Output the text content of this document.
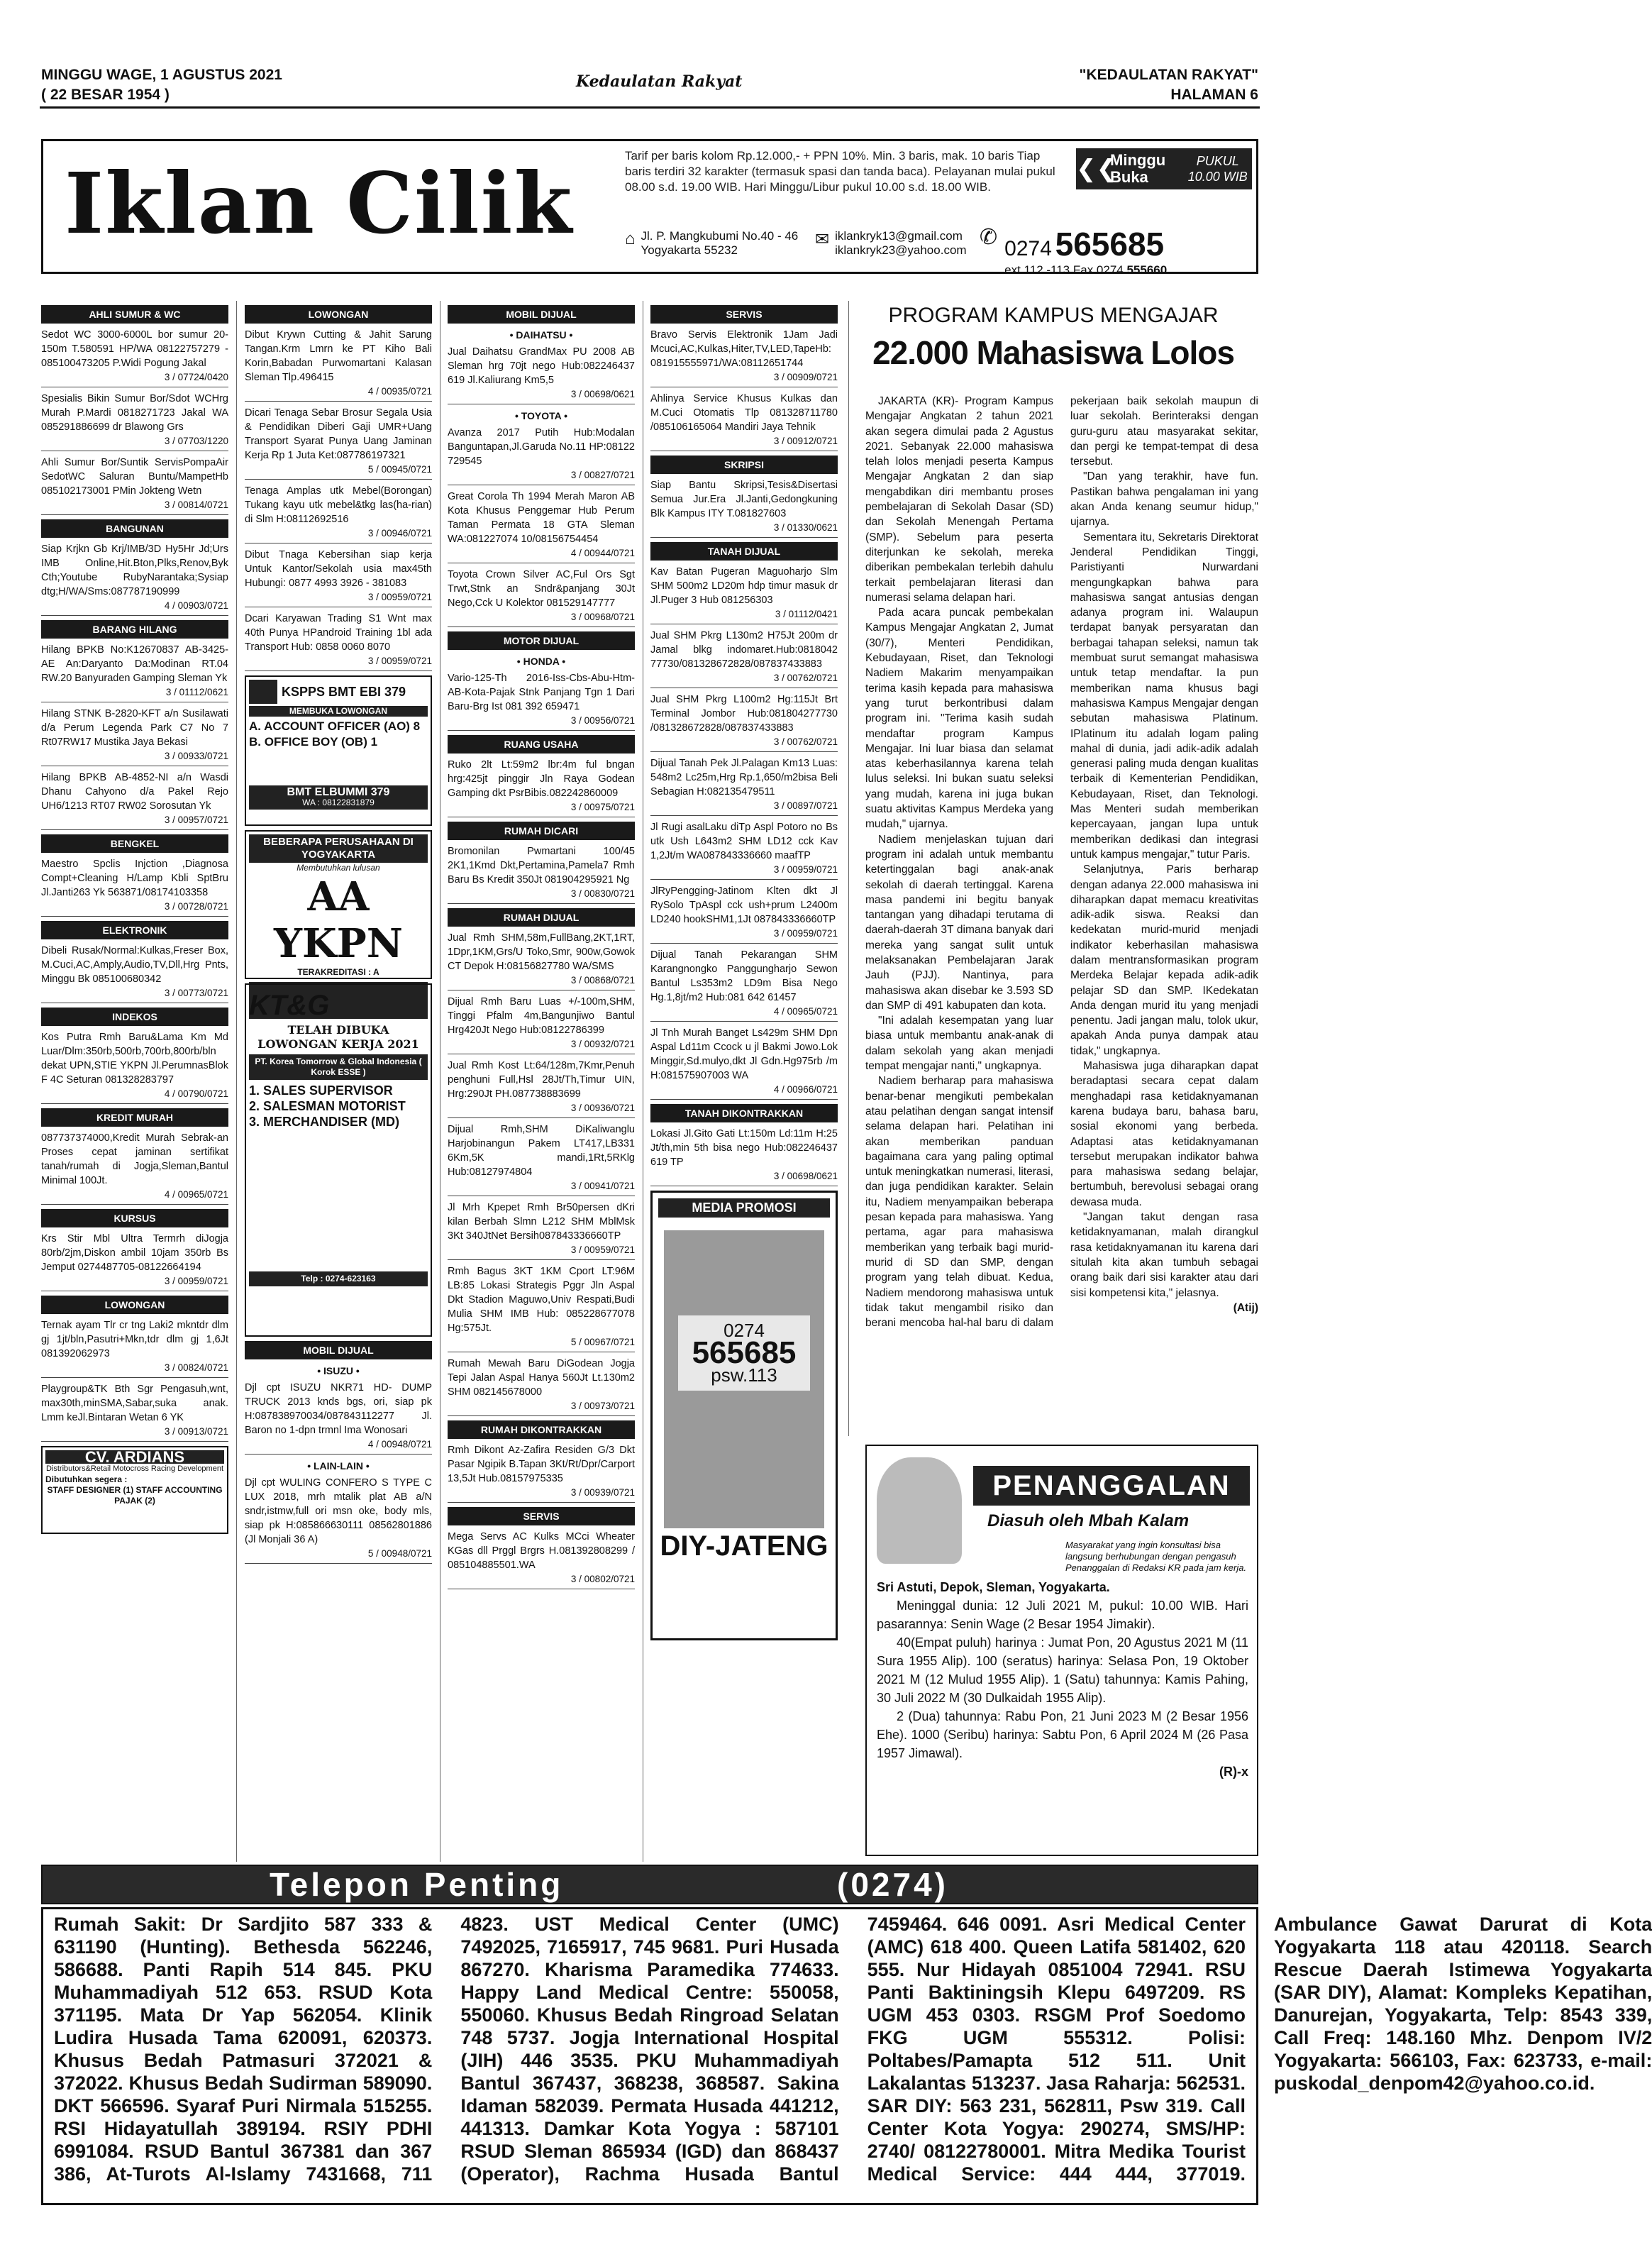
MINGGU WAGE, 1 AGUSTUS 2021
( 22 BESAR 1954 )
Kedaulatan Rakyat	"KEDAULATAN RAKYAT"
HALAMAN 6
Iklan Cilik	Tarif per baris kolom Rp.12.000,- + PPN 10%. Min. 3 baris, mak. 10 baris Tiap baris terdiri 32 karakter (termasuk spasi dan tanda baca). Pelayanan mulai pukul 08.00 s.d. 19.00 WIB. Hari Minggu/Libur pukul 10.00 s.d. 18.00 WIB.
❮❮
Minggu Buka
PUKUL 10.00 WIB
⌂ Jl. P. Mangkubumi No.40 - 46 Yogyakarta 55232
✉ iklankryk13@gmail.com
iklankryk23@yahoo.com
✆ 0274 565685
ext.112 -113 Fax.0274 555660
AHLI SUMUR & WC
Sedot WC 3000-6000L bor sumur 20-150m T.580591 HP/WA 08122757279 - 085100473205 P.Widi Pogung Jakal
3 / 07724/0420
Spesialis Bikin Sumur Bor/Sdot WCHrg Murah P.Mardi 0818271723 Jakal WA 085291886699 dr Blawong Grs
3 / 07703/1220
Ahli Sumur Bor/Suntik ServisPompaAir SedotWC Saluran Buntu/MampetHb 085102173001 PMin Jokteng Wetn
3 / 00814/0721
BANGUNAN
Siap Krjkn Gb Krj/IMB/3D Hy5Hr Jd;Urs IMB Online,Hit.Bton,Plks,Renov,Byk Cth;Youtube RubyNarantaka;Sysiap dtg;H/WA/Sms:087787190999
4 / 00903/0721
BARANG HILANG
Hilang BPKB No:K12670837 AB-3425-AE An:Daryanto Da:Modinan RT.04 RW.20 Banyuraden Gamping Sleman Yk
3 / 01112/0621
Hilang STNK B-2820-KFT a/n Susilawati d/a Perum Legenda Park C7 No 7 Rt07RW17 Mustika Jaya Bekasi
3 / 00933/0721
Hilang BPKB AB-4852-NI a/n Wasdi Dhanu Cahyono d/a Pakel Rejo UH6/1213 RT07 RW02 Sorosutan Yk
3 / 00957/0721
BENGKEL
Maestro Spclis Injction ,Diagnosa Compt+Cleaning H/Lamp Kbli SptBru Jl.Janti263 Yk 563871/08174103358
3 / 00728/0721
ELEKTRONIK
Dibeli Rusak/Normal:Kulkas,Freser Box, M.Cuci,AC,Amply,Audio,TV,Dll,Hrg Pnts, Minggu Bk 085100680342
3 / 00773/0721
INDEKOS
Kos Putra Rmh Baru&Lama Km Md Luar/Dlm:350rb,500rb,700rb,800rb/bln dekat UPN,STIE YKPN Jl.PerumnasBlok F 4C Seturan 081328283797
4 / 00790/0721
KREDIT MURAH
087737374000,Kredit Murah Sebrak-an Proses cepat jaminan sertifikat tanah/rumah di Jogja,Sleman,Bantul Minimal 100Jt.
4 / 00965/0721
KURSUS
Krs Stir Mbl Ultra Termrh diJogja 80rb/2jm,Diskon ambil 10jam 350rb Bs Jemput 0274487705-08122664194
3 / 00959/0721
LOWONGAN
Ternak ayam Tlr cr tng Laki2 mkntdr dlm gj 1jt/bln,Pasutri+Mkn,tdr dlm gj 1,6Jt 081392062973
3 / 00824/0721
Playgroup&TK Bth Sgr Pengasuh,wnt, max30th,minSMA,Sabar,suka anak. Lmm keJl.Bintaran Wetan 6 YK
3 / 00913/0721
CV. ARDIANS
Distributors&Retail Motocross Racing Development
Dibutuhkan segera :
STAFF DESIGNER (1) STAFF ACCOUNTING PAJAK (2)
LOWONGAN
Dibut Krywn Cutting & Jahit Sarung Tangan.Krm Lmrn ke PT Kiho Bali Korin,Babadan Purwomartani Kalasan Sleman Tlp.496415
4 / 00935/0721
Dicari Tenaga Sebar Brosur Segala Usia & Pendidikan Diberi Gaji UMR+Uang Transport Syarat Punya Uang Jaminan Kerja Rp 1 Juta Ket:087786197321
5 / 00945/0721
Tenaga Amplas utk Mebel(Borongan) Tukang kayu utk mebel&tkg las(ha-rian) di Slm H:08112692516
3 / 00946/0721
Dibut Tnaga Kebersihan siap kerja Untuk Kantor/Sekolah usia max45th Hubungi: 0877 4993 3926 - 381083
3 / 00959/0721
Dcari Karyawan Trading S1 Wnt max 40th Punya HPandroid Training 1bl ada Transport Hub: 0858 0060 8070
3 / 00959/0721
KSPPS BMT EBI 379
MEMBUKA LOWONGAN
A. ACCOUNT OFFICER (AO) 8 B. OFFICE BOY (OB) 1
BMT ELBUMMI 379
WA : 08122831879
BEBERAPA PERUSAHAAN DI YOGYAKARTA
Membutuhkan lulusan
AA YKPN
TERAKREDITASI : A
KT&G
TELAH DIBUKA LOWONGAN KERJA 2021
PT. Korea Tomorrow & Global Indonesia ( Korok ESSE )
1. SALES SUPERVISOR
2. SALESMAN MOTORIST
3. MERCHANDISER (MD)
Telp : 0274-623163
MOBIL DIJUAL
• ISUZU •
Djl cpt ISUZU NKR71 HD- DUMP TRUCK 2013 knds bgs, ori, siap pk H:087838970034/087843112277 Jl. Baron no 1-dpn trmnl Ima Wonosari
4 / 00948/0721
• LAIN-LAIN •
Djl cpt WULING CONFERO S TYPE C LUX 2018, mrh mtalik plat AB a/N sndr,istmw,full ori msn oke, body mls, siap pk H:085866630111 08562801886 (Jl Monjali 36 A)
5 / 00948/0721
MOBIL DIJUAL
• DAIHATSU •
Jual Daihatsu GrandMax PU 2008 AB Sleman hrg 70jt nego Hub:082246437 619 Jl.Kaliurang Km5,5
3 / 00698/0621
• TOYOTA •
Avanza 2017 Putih Hub:Modalan Banguntapan,Jl.Garuda No.11 HP:08122 729545
3 / 00827/0721
Great Corola Th 1994 Merah Maron AB Kota Khusus Penggemar Hub Perum Taman Permata 18 GTA Sleman WA:081227074 10/08156754454
4 / 00944/0721
Toyota Crown Silver AC,Ful Ors Sgt Trwt,Stnk an Sndr&panjang 30Jt Nego,Cck U Kolektor 081529147777
3 / 00968/0721
MOTOR DIJUAL
• HONDA •
Vario-125-Th 2016-Iss-Cbs-Abu-Htm-AB-Kota-Pajak Stnk Panjang Tgn 1 Dari Baru-Brg Ist 081 392 659471
3 / 00956/0721
RUANG USAHA
Ruko 2lt Lt:59m2 lbr:4m ful bngan hrg:425jt pinggir Jln Raya Godean Gamping dkt PsrBibis.082242860009
3 / 00975/0721
RUMAH DICARI
Bromonilan Pwmartani 100/45 2K1,1Kmd Dkt,Pertamina,Pamela7 Rmh Baru Bs Kredit 350Jt 081904295921 Ng
3 / 00830/0721
RUMAH DIJUAL
Jual Rmh SHM,58m,FullBang,2KT,1RT, 1Dpr,1KM,Grs/U Toko,Smr, 900w,Gowok CT Depok H:08156827780 WA/SMS
3 / 00868/0721
Dijual Rmh Baru Luas +/-100m,SHM, Tinggi Pfalm 4m,Bangunjiwo Bantul Hrg420Jt Nego Hub:08122786399
3 / 00932/0721
Jual Rmh Kost Lt:64/128m,7Kmr,Penuh penghuni Full,Hsl 28Jt/Th,Timur UIN, Hrg:290Jt PH.087738883699
3 / 00936/0721
Dijual Rmh,SHM DiKaliwanglu Harjobinangun Pakem LT417,LB331 6Km,5K mandi,1Rt,5RKlg Hub:08127974804
3 / 00941/0721
Jl Mrh Kpepet Rmh Br50persen dKri kilan Berbah Slmn L212 SHM MblMsk 3Kt 340JtNet Bersih087843336660TP
3 / 00959/0721
Rmh Bagus 3KT 1KM Cport LT:96M LB:85 Lokasi Strategis Pggr Jln Aspal Dkt Stadion Maguwo,Univ Respati,Budi Mulia SHM IMB Hub: 085228677078 Hg:575Jt.
5 / 00967/0721
Rumah Mewah Baru DiGodean Jogja Tepi Jalan Aspal Hanya 560Jt Lt.130m2 SHM 082145678000
3 / 00973/0721
RUMAH DIKONTRAKKAN
Rmh Dikont Az-Zafira Residen G/3 Dkt Pasar Ngipik B.Tapan 3Kt/Rt/Dpr/Carport 13,5Jt Hub.08157975335
3 / 00939/0721
SERVIS
Mega Servs AC Kulks MCci Wheater KGas dll Prggl Brgrs H.081392808299 / 085104885501.WA
3 / 00802/0721
SERVIS
Bravo Servis Elektronik 1Jam Jadi Mcuci,AC,Kulkas,Hiter,TV,LED,TapeHb: 081915555971/WA:08112651744
3 / 00909/0721
Ahlinya Service Khusus Kulkas dan M.Cuci Otomatis Tlp 081328711780 /085106165064 Mandiri Jaya Tehnik
3 / 00912/0721
SKRIPSI
Siap Bantu Skripsi,Tesis&Disertasi Semua Jur.Era Jl.Janti,Gedongkuning Blk Kampus ITY T.081827603
3 / 01330/0621
TANAH DIJUAL
Kav Batan Pugeran Maguoharjo Slm SHM 500m2 LD20m hdp timur masuk dr Jl.Puger 3 Hub 081256303
3 / 01112/0421
Jual SHM Pkrg L130m2 H75Jt 200m dr Jamal blkg indomaret.Hub:0818042 77730/081328672828/087837433883
3 / 00762/0721
Jual SHM Pkrg L100m2 Hg:115Jt Brt Terminal Jombor Hub:081804277730 /081328672828/087837433883
3 / 00762/0721
Dijual Tanah Pek Jl.Palagan Km13 Luas: 548m2 Lc25m,Hrg Rp.1,650/m2bisa Beli Sebagian H:082135479511
3 / 00897/0721
Jl Rugi asalLaku diTp Aspl Potoro no Bs utk Ush L643m2 SHM LD12 cck Kav 1,2Jt/m WA087843336660 maafTP
3 / 00959/0721
JlRyPengging-Jatinom Klten dkt Jl RySolo TpAspl cck ush+prum L2400m LD240 hookSHM1,1Jt 087843336660TP
3 / 00959/0721
Dijual Tanah Pekarangan SHM Karangnongko Panggungharjo Sewon Bantul Ls353m2 LD9m Bisa Nego Hg.1,8jt/m2 Hub:081 642 61457
4 / 00965/0721
Jl Tnh Murah Banget Ls429m SHM Dpn Aspal Ld11m Ccock u jl Bakmi Jowo.Lok Minggir,Sd.mulyo,dkt Jl Gdn.Hg975rb /m H:081575907003 WA
4 / 00966/0721
TANAH DIKONTRAKKAN
Lokasi Jl.Gito Gati Lt:150m Ld:11m H:25 Jt/th,min 5th bisa nego Hub:082246437 619 TP
3 / 00698/0621
MEDIA PROMOSI
0274
565685
psw.113
DIY-JATENG
PROGRAM KAMPUS MENGAJAR
22.000 Mahasiswa Lolos

JAKARTA (KR)- Program Kampus Mengajar Angkatan 2 tahun 2021 akan segera dimulai pada 2 Agustus 2021. Sebanyak 22.000 mahasiswa telah lolos menjadi peserta Kampus Mengajar Angkatan 2 dan siap mengabdikan diri membantu proses pembelajaran di Sekolah Dasar (SD) dan Sekolah Menengah Pertama (SMP). Sebelum para peserta diterjunkan ke sekolah, mereka diberikan pembekalan terlebih dahulu terkait pembelajaran literasi dan numerasi selama delapan hari.

Pada acara puncak pembekalan Kampus Mengajar Angkatan 2, Jumat (30/7), Menteri Pendidikan, Kebudayaan, Riset, dan Teknologi Nadiem Makarim menyampaikan terima kasih kepada para mahasiswa yang turut berkontribusi dalam program ini. "Terima kasih sudah mendaftar program Kampus Mengajar. Ini luar biasa dan selamat atas keberhasilannya karena telah lulus seleksi. Ini bukan suatu seleksi yang mudah, karena ini juga bukan suatu aktivitas Kampus Merdeka yang mudah," ujarnya.

Nadiem menjelaskan tujuan dari program ini adalah untuk membantu ketertinggalan bagi anak-anak sekolah di daerah tertinggal. Karena masa pandemi ini begitu banyak tantangan yang dihadapi terutama di daerah-daerah 3T dimana banyak dari mereka yang sangat sulit untuk melaksanakan Pembelajaran Jarak Jauh (PJJ). Nantinya, para mahasiswa akan disebar ke 3.593 SD dan SMP di 491 kabupaten dan kota.

"Ini adalah kesempatan yang luar biasa untuk membantu anak-anak di dalam sekolah yang akan menjadi tempat mengajar nanti," ungkapnya.

Nadiem berharap para mahasiswa benar-benar mengikuti pembekalan atau pelatihan dengan sangat intensif selama delapan hari. Pelatihan ini akan memberikan panduan bagaimana cara yang paling optimal untuk meningkatkan numerasi, literasi, dan juga pendidikan karakter. Selain itu, Nadiem menyampaikan beberapa pesan kepada para mahasiswa. Yang pertama, agar para mahasiswa memberikan yang terbaik bagi murid-murid di SD dan SMP, dengan program yang telah dibuat. Kedua, Nadiem mendorong mahasiswa untuk tidak takut mengambil risiko dan berani mencoba hal-hal baru di dalam pekerjaan baik sekolah maupun di luar sekolah. Berinteraksi dengan guru-guru atau masyarakat sekitar, dan pergi ke tempat-tempat di desa tersebut.

"Dan yang terakhir, have fun. Pastikan bahwa pengalaman ini yang akan Anda kenang seumur hidup," ujarnya.

Sementara itu, Sekretaris Direktorat Jenderal Pendidikan Tinggi, Paristiyanti Nurwardani mengungkapkan bahwa para mahasiswa sangat antusias dengan adanya program ini. Walaupun terdapat banyak persyaratan dan berbagai tahapan seleksi, namun tak membuat surut semangat mahasiswa untuk tetap mendaftar. Ia pun memberikan nama khusus bagi mahasiswa Kampus Mengajar dengan sebutan mahasiswa Platinum. IPlatinum itu adalah logam paling mahal di dunia, jadi adik-adik adalah generasi paling muda dengan kualitas terbaik di Kementerian Pendidikan, Kebudayaan, Riset, dan Teknologi. Mas Menteri sudah memberikan kepercayaan, jangan lupa untuk memberikan dedikasi dan integrasi untuk kampus mengajar," tutur Paris.

Selanjutnya, Paris berharap dengan adanya 22.000 mahasiswa ini diharapkan dapat memacu kreativitas adik-adik siswa. Reaksi dan kedekatan murid-murid menjadi indikator keberhasilan mahasiswa dalam mentransformasikan program Merdeka Belajar kepada adik-adik pelajar SD dan SMP. IKedekatan Anda dengan murid itu yang menjadi penentu. Jadi jangan malu, tolok ukur, apakah Anda punya dampak atau tidak," ungkapnya.

Mahasiswa juga diharapkan dapat beradaptasi secara cepat dalam menghadapi rasa ketidaknyamanan karena budaya baru, bahasa baru, sosial ekonomi yang berbeda. Adaptasi atas ketidaknyamanan tersebut merupakan indikator bahwa para mahasiswa sedang belajar, bertumbuh, berevolusi sebagai orang dewasa muda.

"Jangan takut dengan rasa ketidaknyamanan, malah dirangkul rasa ketidaknyamanan itu karena dari situlah kita akan tumbuh sebagai orang baik dari sisi karakter atau dari sisi kompetensi kita," jelasnya.

(Atij)
PENANGGALAN
Diasuh oleh Mbah Kalam
Masyarakat yang ingin konsultasi bisa langsung berhubungan dengan pengasuh Penanggalan di Redaksi KR pada jam kerja.
Sri Astuti, Depok, Sleman, Yogyakarta.

Meninggal dunia: 12 Juli 2021 M, pukul: 10.00 WIB. Hari pasarannya: Senin Wage (2 Besar 1954 Jimakir).

40(Empat puluh) harinya : Jumat Pon, 20 Agustus 2021 M (11 Sura 1955 Alip). 100 (seratus) harinya: Selasa Pon, 19 Oktober 2021 M (12 Mulud 1955 Alip). 1 (Satu) tahunnya: Kamis Pahing, 30 Juli 2022 M (30 Dulkaidah 1955 Alip).

2 (Dua) tahunnya: Rabu Pon, 21 Juni 2023 M (2 Besar 1956 Ehe). 1000 (Seribu) harinya: Sabtu Pon, 6 April 2024 M (26 Pasa 1957 Jimawal).

(R)-x
Telepon Penting	(0274)
Rumah Sakit: Dr Sardjito 587 333 & 631190 (Hunting). Bethesda 562246, 586688. Panti Rapih 514 845. PKU Muhammadiyah 512 653. RSUD Kota 371195. Mata Dr Yap 562054. Klinik Ludira Husada Tama 620091, 620373. Khusus Bedah Patmasuri 372021 & 372022. Khusus Bedah Sudirman 589090. DKT 566596. Syaraf Puri Nirmala 515255. RSI Hidayatullah 389194. RSIY PDHI 6991084. RSUD Bantul 367381 dan 367 386, At-Turots Al-Islamy 7431668, 711 4823. UST Medical Center (UMC) 7492025, 7165917, 745 9681. Puri Husada 867270. Kharisma Paramedika 774633. Happy Land Medical Centre: 550058, 550060. Khusus Bedah Ringroad Selatan 748 5737. Jogja International Hospital (JIH) 446 3535. PKU Muhammadiyah Bantul 367437, 368238, 368587. Sakina Idaman 582039. Permata Husada 441212, 441313. Damkar Kota Yogya : 587101 RSUD Sleman 865934 (IGD) dan 868437 (Operator), Rachma Husada Bantul 7459464. 646 0091. Asri Medical Center (AMC) 618 400. Queen Latifa 581402, 620 555. Nur Hidayah 0851004 72941. RSU Panti Baktiningsih Klepu 6497209. RS UGM 453 0303. RSGM Prof Soedomo FKG UGM 555312. Polisi: Poltabes/Pamapta 512 511. Unit Lakalantas 513237. Jasa Raharja: 562531. SAR DIY: 563 231, 562811, Psw 319. Call Center Kota Yogya: 290274, SMS/HP: 2740/ 08122780001. Mitra Medika Tourist Medical Service: 444 444, 377019. Ambulance Gawat Darurat di Kota Yogyakarta 118 atau 420118. Search Rescue Daerah Istimewa Yogyakarta (SAR DIY), Alamat: Kompleks Kepatihan, Danurejan, Yogyakarta, Telp: 8543 339, Call Freq: 148.160 Mhz. Denpom IV/2 Yogyakarta: 566103, Fax: 623733, e-mail: puskodal_denpom42@yahoo.co.id.
